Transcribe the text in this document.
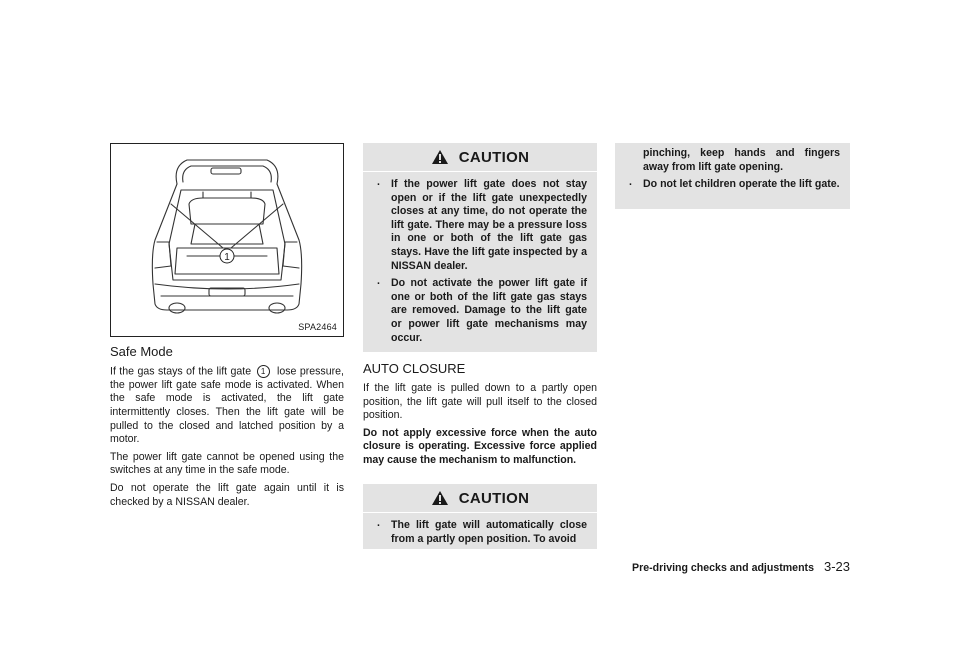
1
SPA2464
Safe Mode

If the gas stays of the lift gate 1 lose pressure, the power lift gate safe mode is activated. When the safe mode is activated, the lift gate intermittently closes. Then the lift gate will be pulled to the closed and latched position by a motor.

The power lift gate cannot be opened using the switches at any time in the safe mode.

Do not operate the lift gate again until it is checked by a NISSAN dealer.

CAUTION
. If the power lift gate does not stay open or if the lift gate unexpectedly closes at any time, do not operate the lift gate. There may be a pressure loss in one or both of the lift gate gas stays. Have the lift gate inspected by a NISSAN dealer.
. Do not activate the power lift gate if one or both of the lift gate gas stays are removed. Damage to the lift gate or power lift gate mechanisms may occur.
AUTO CLOSURE

If the lift gate is pulled down to a partly open position, the lift gate will pull itself to the closed position.

Do not apply excessive force when the auto closure is operating. Excessive force applied may cause the mechanism to malfunction.

CAUTION
. The lift gate will automatically close from a partly open position. To avoid
pinching, keep hands and fingers away from lift gate opening.
. Do not let children operate the lift gate.
Pre-driving checks and adjustments 3-23
